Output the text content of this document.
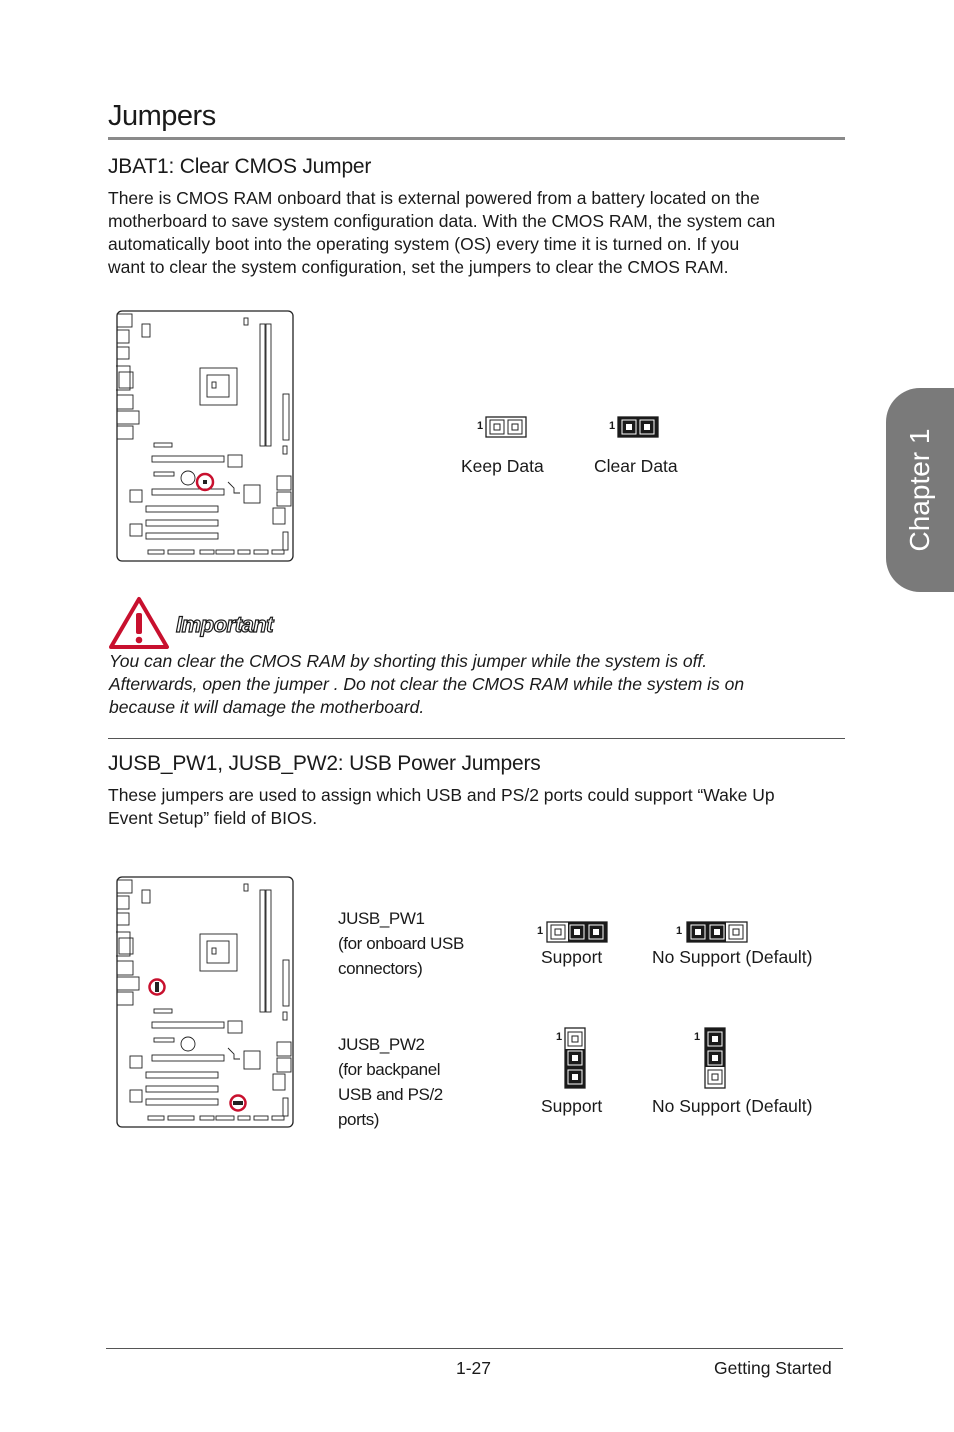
Jumpers
Chapter 1
JBAT1: Clear CMOS Jumper
There is CMOS RAM onboard that is external powered from a battery located on the
motherboard to save system configuration data. With the CMOS RAM, the system can
automatically boot into the operating system (OS) every time it is turned on. If you
want to clear the system configuration, set the jumpers to clear the CMOS RAM.
1	1
Keep Data	Clear Data
Important
You can clear the CMOS RAM by shorting this jumper while the system is off.
Afterwards, open the jumper . Do not clear the CMOS RAM while the system is on
because it will damage the motherboard.
JUSB_PW1, JUSB_PW2: USB Power Jumpers
These jumpers are used to assign which USB and PS/2 ports could support “Wake Up
Event Setup” field of BIOS.
JUSB_PW1
(for onboard USB
connectors)
1	1
Support	No Support (Default)
JUSB_PW2
(for backpanel
USB and PS/2
ports)
1	1
Support	No Support (Default)
1-27	Getting Started
